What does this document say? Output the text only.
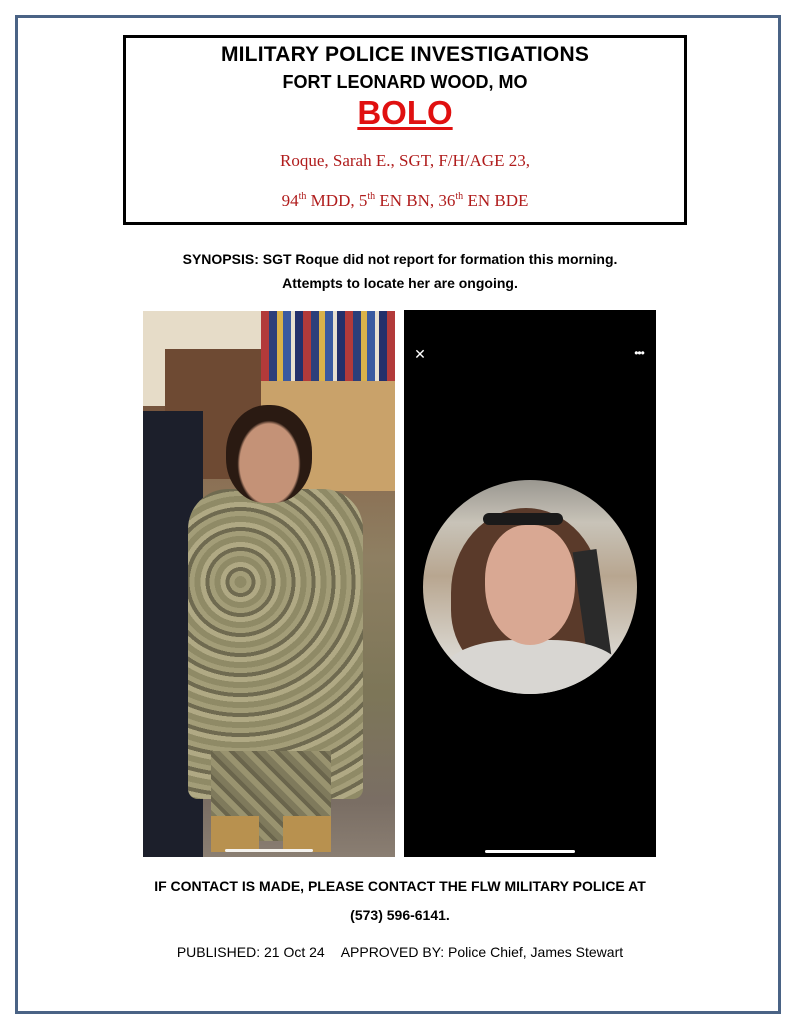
MILITARY POLICE INVESTIGATIONS
FORT LEONARD WOOD, MO
BOLO
Roque, Sarah E., SGT, F/H/AGE 23,
94th MDD, 5th EN BN, 36th EN BDE
SYNOPSIS: SGT Roque did not report for formation this morning.
Attempts to locate her are ongoing.
✕	•••
IF CONTACT IS MADE, PLEASE CONTACT THE FLW MILITARY POLICE AT
(573) 596-6141.
PUBLISHED: 21 Oct 24 APPROVED BY: Police Chief, James Stewart
